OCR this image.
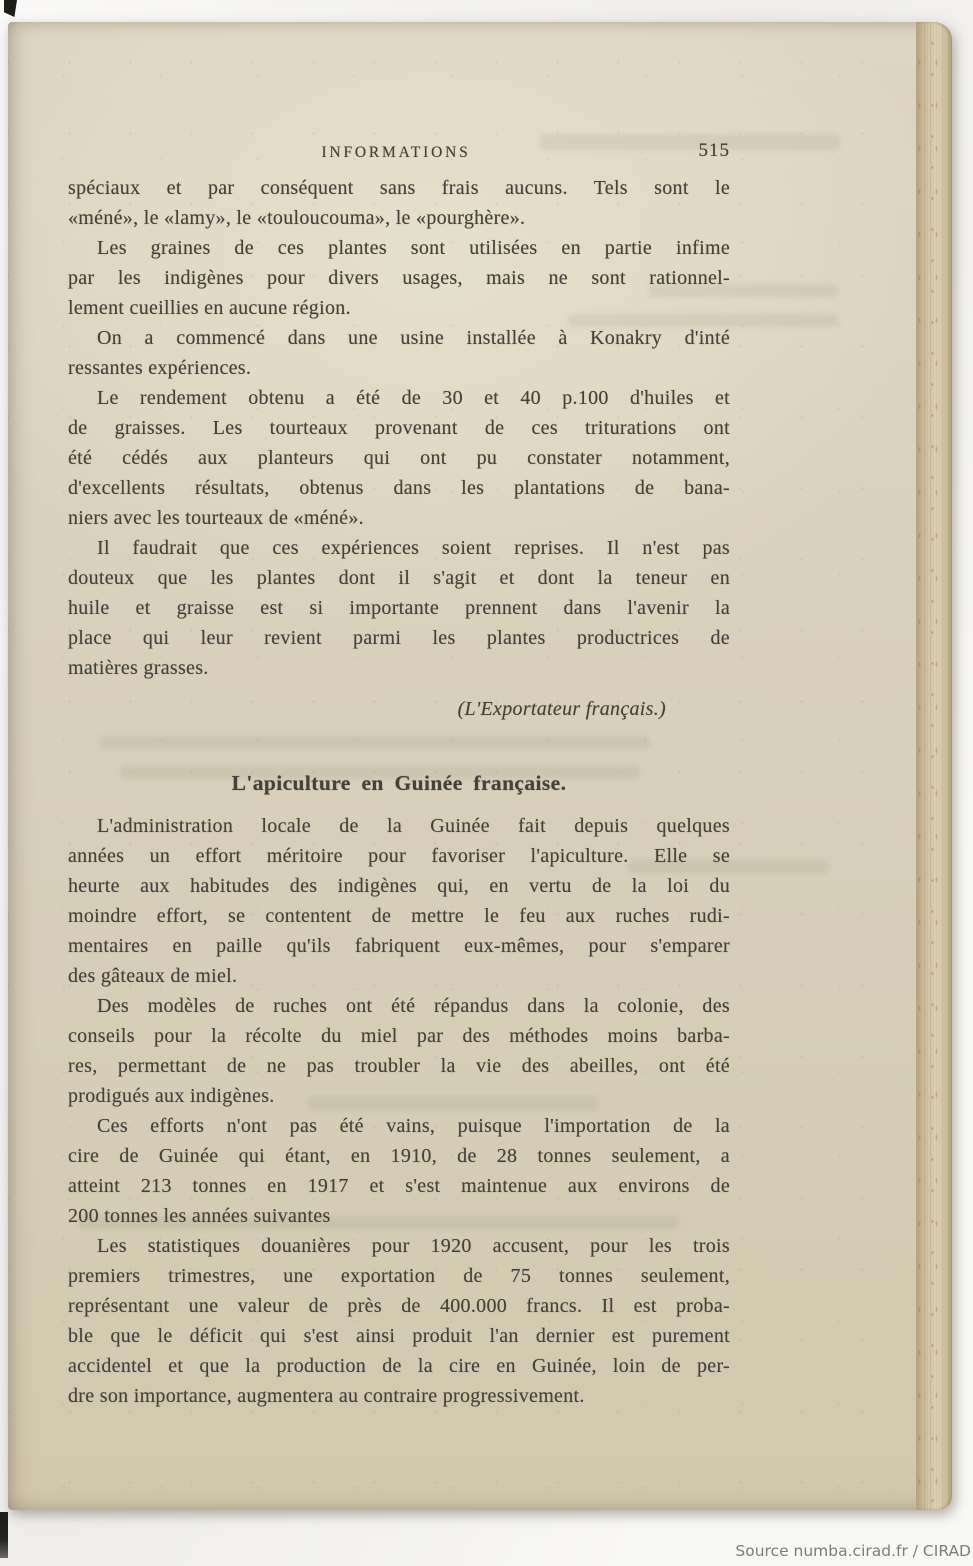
INFORMATIONS	515
spéciaux et par conséquent sans frais aucuns. Tels sont le
«méné», le «lamy», le «touloucouma», le «pourghère».
Les graines de ces plantes sont utilisées en partie infime
par les indigènes pour divers usages, mais ne sont rationnel-
lement cueillies en aucune région.
On a commencé dans une usine installée à Konakry d'inté
ressantes expériences.
Le rendement obtenu a été de 30 et 40 p.100 d'huiles et
de graisses. Les tourteaux provenant de ces triturations ont
été cédés aux planteurs qui ont pu constater notamment,
d'excellents résultats, obtenus dans les plantations de bana-
niers avec les tourteaux de «méné».
Il faudrait que ces expériences soient reprises. Il n'est pas
douteux que les plantes dont il s'agit et dont la teneur en
huile et graisse est si importante prennent dans l'avenir la
place qui leur revient parmi les plantes productrices de
matières grasses.
(L'Exportateur français.)
L'apiculture en Guinée française.
L'administration locale de la Guinée fait depuis quelques
années un effort méritoire pour favoriser l'apiculture. Elle se
heurte aux habitudes des indigènes qui, en vertu de la loi du
moindre effort, se contentent de mettre le feu aux ruches rudi-
mentaires en paille qu'ils fabriquent eux-mêmes, pour s'emparer
des gâteaux de miel.
Des modèles de ruches ont été répandus dans la colonie, des
conseils pour la récolte du miel par des méthodes moins barba-
res, permettant de ne pas troubler la vie des abeilles, ont été
prodigués aux indigènes.
Ces efforts n'ont pas été vains, puisque l'importation de la
cire de Guinée qui étant, en 1910, de 28 tonnes seulement, a
atteint 213 tonnes en 1917 et s'est maintenue aux environs de
200 tonnes les années suivantes
Les statistiques douanières pour 1920 accusent, pour les trois
premiers trimestres, une exportation de 75 tonnes seulement,
représentant une valeur de près de 400.000 francs. Il est proba-
ble que le déficit qui s'est ainsi produit l'an dernier est purement
accidentel et que la production de la cire en Guinée, loin de per-
dre son importance, augmentera au contraire progressivement.
Source numba.cirad.fr / CIRAD
